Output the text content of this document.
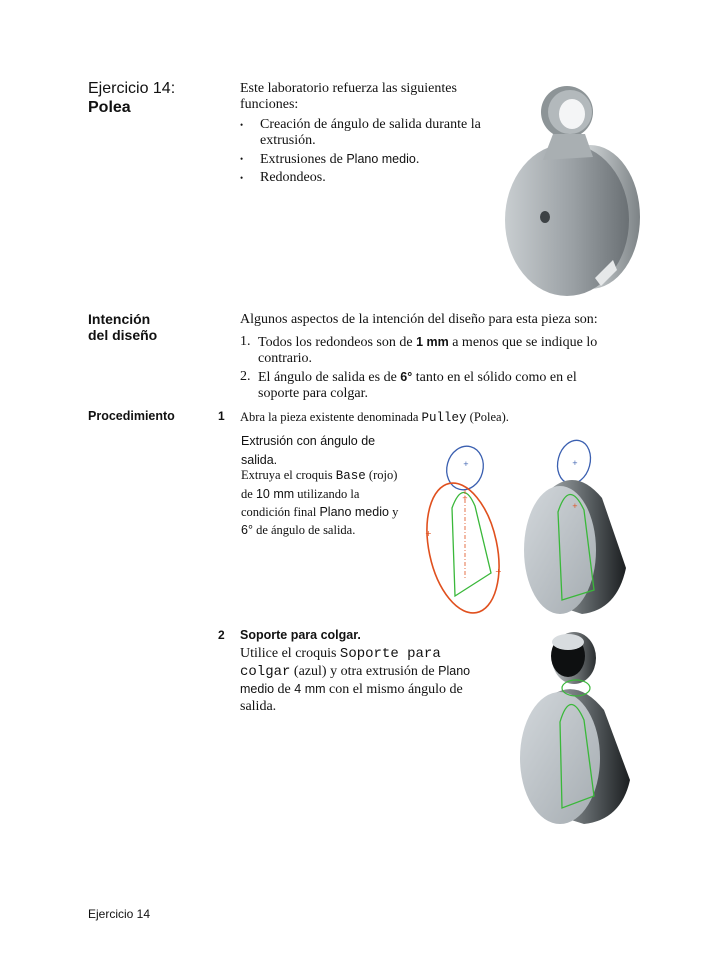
Ejercicio 14:
Polea
Este laboratorio refuerza las siguientes funciones:
• Creación de ángulo de salida durante la extrusión.
• Extrusiones de Plano medio.
• Redondeos.
Intención
del diseño
Algunos aspectos de la intención del diseño para esta pieza son:
1. Todos los redondeos son de 1 mm a menos que se indique lo contrario.
2. El ángulo de salida es de 6° tanto en el sólido como en el soporte para colgar.
Procedimiento	1 Abra la pieza existente denominada Pulley (Polea).
Extrusión con ángulo de salida.
Extruya el croquis Base (rojo) de 10 mm utilizando la condición final Plano medio y 6° de ángulo de salida.
+
+
+
+
+
+
2 Soporte para colgar.
Utilice el croquis Soporte para colgar (azul) y otra extrusión de Plano medio de 4 mm con el mismo ángulo de salida.
Ejercicio 14
